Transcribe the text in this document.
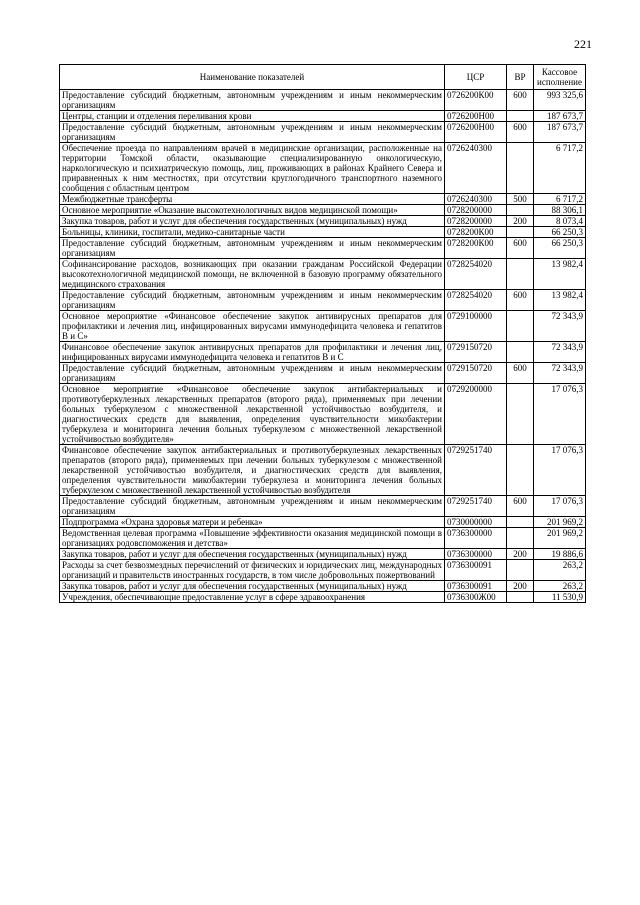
221
Наименование показателей	ЦСР	ВР	Кассовое исполнение
Предоставление субсидий бюджетным, автономным учреждениям и иным некоммерческим организациям	0726200К00	600	993 325,6
Центры, станции и отделения переливания крови	0726200Н00		187 673,7
Предоставление субсидий бюджетным, автономным учреждениям и иным некоммерческим организациям	0726200Н00	600	187 673,7
Обеспечение проезда по направлениям врачей в медицинские организации, расположенные на территории Томской области, оказывающие специализированную онкологическую, наркологическую и психиатрическую помощь, лиц, проживающих в районах Крайнего Севера и приравненных к ним местностях, при отсутствии круглогодичного транспортного наземного сообщения с областным центром	0726240300		6 717,2
Межбюджетные трансферты	0726240300	500	6 717,2
Основное мероприятие «Оказание высокотехнологичных видов медицинской помощи»	0728200000		88 306,1
Закупка товаров, работ и услуг для обеспечения государственных (муниципальных) нужд	0728200000	200	8 073,4
Больницы, клиники, госпитали, медико-санитарные части	0728200К00		66 250,3
Предоставление субсидий бюджетным, автономным учреждениям и иным некоммерческим организациям	0728200К00	600	66 250,3
Софинансирование расходов, возникающих при оказании гражданам Российской Федерации высокотехнологичной медицинской помощи, не включенной в базовую программу обязательного медицинского страхования	0728254020		13 982,4
Предоставление субсидий бюджетным, автономным учреждениям и иным некоммерческим организациям	0728254020	600	13 982,4
Основное мероприятие «Финансовое обеспечение закупок антивирусных препаратов для профилактики и лечения лиц, инфицированных вирусами иммунодефицита человека и гепатитов В и С»	0729100000		72 343,9
Финансовое обеспечение закупок антивирусных препаратов для профилактики и лечения лиц, инфицированных вирусами иммунодефицита человека и гепатитов В и С	0729150720		72 343,9
Предоставление субсидий бюджетным, автономным учреждениям и иным некоммерческим организациям	0729150720	600	72 343,9
Основное мероприятие «Финансовое обеспечение закупок антибактериальных и противотуберкулезных лекарственных препаратов (второго ряда), применяемых при лечении больных туберкулезом с множественной лекарственной устойчивостью возбудителя, и диагностических средств для выявления, определения чувствительности микобактерии туберкулеза и мониторинга лечения больных туберкулезом с множественной лекарственной устойчивостью возбудителя»	0729200000		17 076,3
Финансовое обеспечение закупок антибактериальных и противотуберкулезных лекарственных препаратов (второго ряда), применяемых при лечении больных туберкулезом с множественной лекарственной устойчивостью возбудителя, и диагностических средств для выявления, определения чувствительности микобактерии туберкулеза и мониторинга лечения больных туберкулезом с множественной лекарственной устойчивостью возбудителя	0729251740		17 076,3
Предоставление субсидий бюджетным, автономным учреждениям и иным некоммерческим организациям	0729251740	600	17 076,3
Подпрограмма «Охрана здоровья матери и ребенка»	0730000000		201 969,2
Ведомственная целевая программа «Повышение эффективности оказания медицинской помощи в организациях родовспоможения и детства»	0736300000		201 969,2
Закупка товаров, работ и услуг для обеспечения государственных (муниципальных) нужд	0736300000	200	19 886,6
Расходы за счет безвозмездных перечислений от физических и юридических лиц, международных организаций и правительств иностранных государств, в том числе добровольных пожертвований	0736300091		263,2
Закупка товаров, работ и услуг для обеспечения государственных (муниципальных) нужд	0736300091	200	263,2
Учреждения, обеспечивающие предоставление услуг в сфере здравоохранения	0736300Ж00		11 530,9
